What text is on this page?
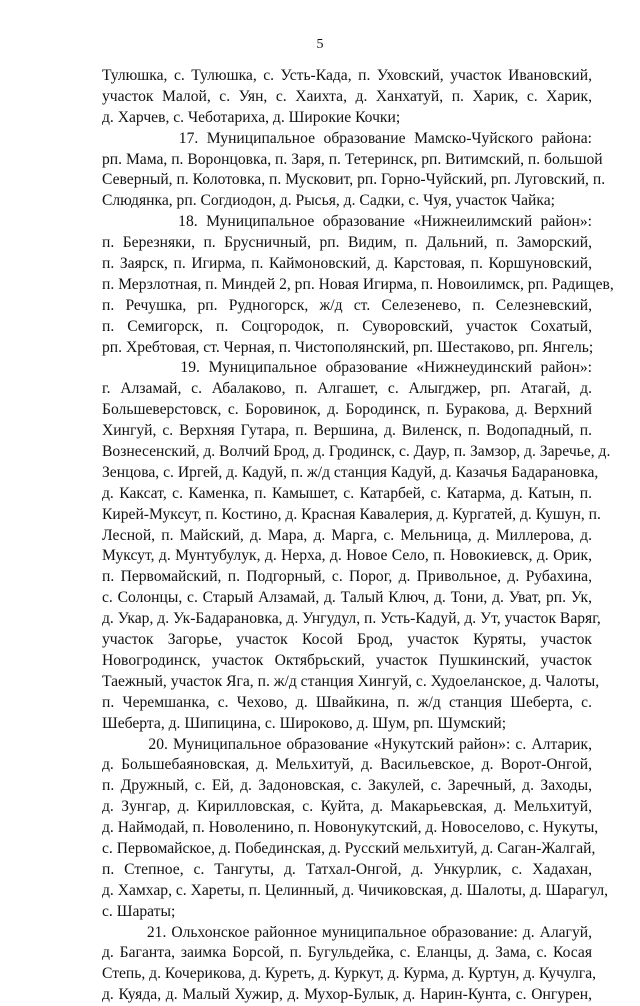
5
Тулюшка, с. Тулюшка, с. Усть-Када, п. Уховский, участок Ивановский,
участок Малой, с. Уян, с. Хаихта, д. Ханхатуй, п. Харик, с. Харик,
д. Харчев, с. Чеботариха, д. Широкие Кочки;
17. Муниципальное образование Мамско-Чуйского района:
рп. Мама, п. Воронцовка, п. Заря, п. Тетеринск, рп. Витимский, п. большой
Северный, п. Колотовка, п. Мусковит, рп. Горно-Чуйский, рп. Луговский, п.
Слюдянка, рп. Согдиодон, д. Рысья, д. Садки, с. Чуя, участок Чайка;
18. Муниципальное образование «Нижнеилимский район»:
п. Березняки, п. Брусничный, рп. Видим, п. Дальний, п. Заморский,
п. Заярск, п. Игирма, п. Каймоновский, д. Карстовая, п. Коршуновский,
п. Мерзлотная, п. Миндей 2, рп. Новая Игирма, п. Новоилимск, рп. Радищев,
п. Речушка, рп. Рудногорск, ж/д ст. Селезенево, п. Селезневский,
п. Семигорск, п. Соцгородок, п. Суворовский, участок Сохатый,
рп. Хребтовая, ст. Черная, п. Чистополянский, рп. Шестаково, рп. Янгель;
19. Муниципальное образование «Нижнеудинский район»:
г. Алзамай, с. Абалаково, п. Алгашет, с. Алыгджер, рп. Атагай, д.
Большеверстовск, с. Боровинок, д. Бородинск, п. Буракова, д. Верхний
Хингуй, с. Верхняя Гутара, п. Вершина, д. Виленск, п. Водопадный, п.
Вознесенский, д. Волчий Брод, д. Гродинск, с. Даур, п. Замзор, д. Заречье, д.
Зенцова, с. Иргей, д. Кадуй, п. ж/д станция Кадуй, д. Казачья Бадарановка,
д. Каксат, с. Каменка, п. Камышет, с. Катарбей, с. Катарма, д. Катын, п.
Кирей-Муксут, п. Костино, д. Красная Кавалерия, д. Кургатей, д. Кушун, п.
Лесной, п. Майский, д. Мара, д. Марга, с. Мельница, д. Миллерова, д.
Муксут, д. Мунтубулук, д. Нерха, д. Новое Село, п. Новокиевск, д. Орик,
п. Первомайский, п. Подгорный, с. Порог, д. Привольное, д. Рубахина,
с. Солонцы, с. Старый Алзамай, д. Талый Ключ, д. Тони, д. Уват, рп. Ук,
д. Укар, д. Ук-Бадарановка, д. Унгудул, п. Усть-Кадуй, д. Ут, участок Варяг,
участок Загорье, участок Косой Брод, участок Куряты, участок
Новогродинск, участок Октябрьский, участок Пушкинский, участок
Таежный, участок Яга, п. ж/д станция Хингуй, с. Худоеланское, д. Чалоты,
п. Черемшанка, с. Чехово, д. Швайкина, п. ж/д станция Шеберта, с.
Шеберта, д. Шипицина, с. Широково, д. Шум, рп. Шумский;
20. Муниципальное образование «Нукутский район»: с. Алтарик,
д. Большебаяновская, д. Мельхитуй, д. Васильевское, д. Ворот-Онгой,
п. Дружный, с. Ей, д. Задоновская, с. Закулей, с. Заречный, д. Заходы,
д. Зунгар, д. Кирилловская, с. Куйта, д. Макарьевская, д. Мельхитуй,
д. Наймодай, п. Новоленино, п. Новонукутский, д. Новоселово, с. Нукуты,
с. Первомайское, д. Побединская, д. Русский мельхитуй, д. Саган-Жалгай,
п. Степное, с. Тангуты, д. Татхал-Онгой, д. Ункурлик, с. Хадахан,
д. Хамхар, с. Хареты, п. Целинный, д. Чичиковская, д. Шалоты, д. Шарагул,
с. Шараты;
21. Ольхонское районное муниципальное образование: д. Алагуй,
д. Баганта, заимка Борсой, п. Бугульдейка, с. Еланцы, д. Зама, с. Косая
Степь, д. Кочерикова, д. Куреть, д. Куркут, д. Курма, д. Куртун, д. Кучулга,
д. Куяда, д. Малый Хужир, д. Мухор-Булык, д. Нарин-Кунта, с. Онгурен,
